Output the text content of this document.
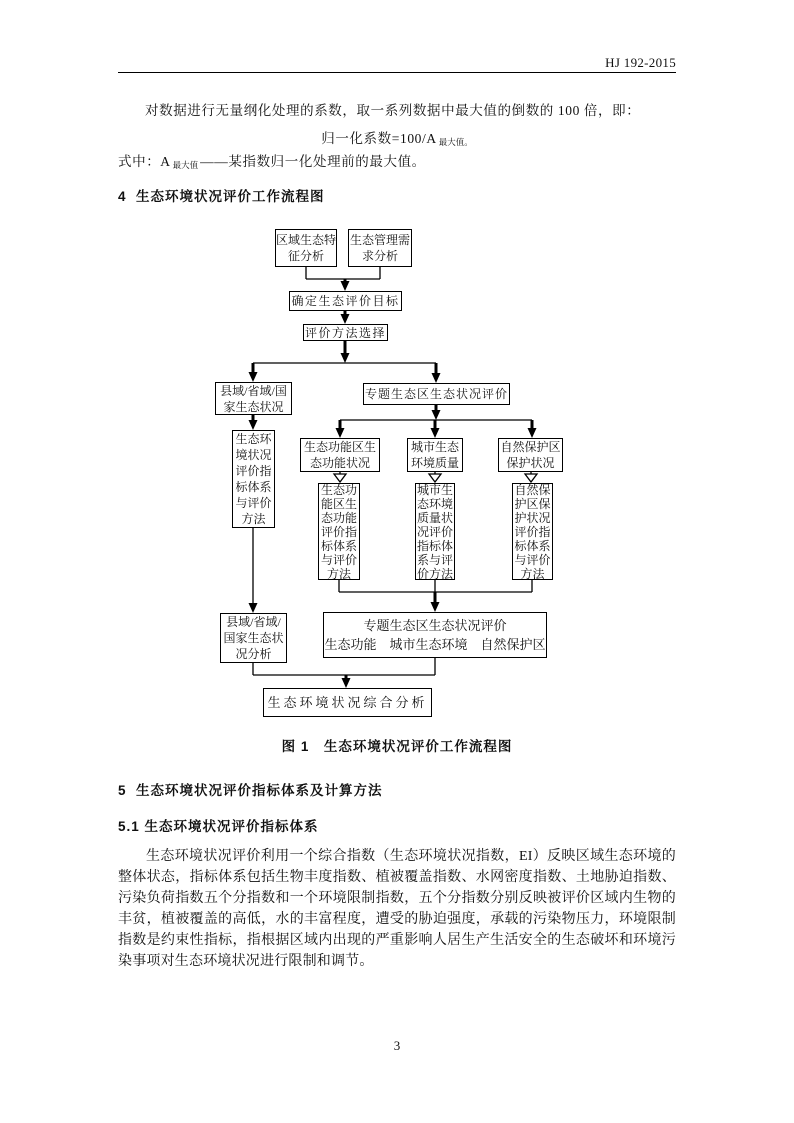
HJ 192-2015

对数据进行无量纲化处理的系数，取一系列数据中最大值的倒数的 100 倍，即：

归一化系数=100/A 最大值。
式中：A 最大值 ——某指数归一化处理前的最大值。
4  生态环境状况评价工作流程图
区域生态特征分析
生态管理需求分析
确定生态评价目标
评价方法选择
县域/省域/国家生态状况
专题生态区生态状况评价
生态环境状况评价指标体系与评价方法
生态功能区生态功能状况
城市生态环境质量
自然保护区保护状况
生态功能区生态功能评价指标体系与评价方法
城市生态环境质量状况评价指标体系与评价方法
自然保护区保护状况评价指标体系与评价方法
县域/省域/国家生态状况分析
专题生态区生态状况评价
生态功能　城市生态环境　自然保护区
生态环境状况综合分析

图 1　生态环境状况评价工作流程图

5  生态环境状况评价指标体系及计算方法
5.1 生态环境状况评价指标体系

生态环境状况评价利用一个综合指数（生态环境状况指数，EI）反映区域生态环境的整体状态，指标体系包括生物丰度指数、植被覆盖指数、水网密度指数、土地胁迫指数、污染负荷指数五个分指数和一个环境限制指数，五个分指数分别反映被评价区域内生物的丰贫，植被覆盖的高低，水的丰富程度，遭受的胁迫强度，承载的污染物压力，环境限制指数是约束性指标，指根据区域内出现的严重影响人居生产生活安全的生态破坏和环境污染事项对生态环境状况进行限制和调节。

3
